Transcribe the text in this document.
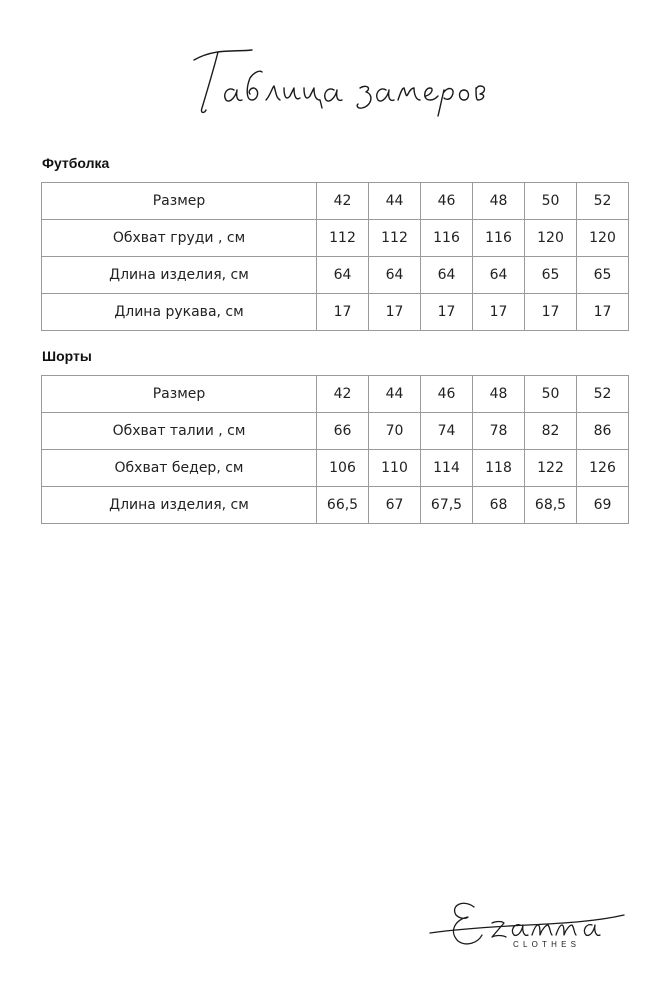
Футболка
Размер	42	44	46	48	50	52
Обхват груди , см	112	112	116	116	120	120
Длина изделия, см	64	64	64	64	65	65
Длина рукава, см	17	17	17	17	17	17
Шорты
Размер	42	44	46	48	50	52
Обхват талии , см	66	70	74	78	82	86
Обхват бедер, см	106	110	114	118	122	126
Длина изделия, см	66,5	67	67,5	68	68,5	69
CLOTHES
